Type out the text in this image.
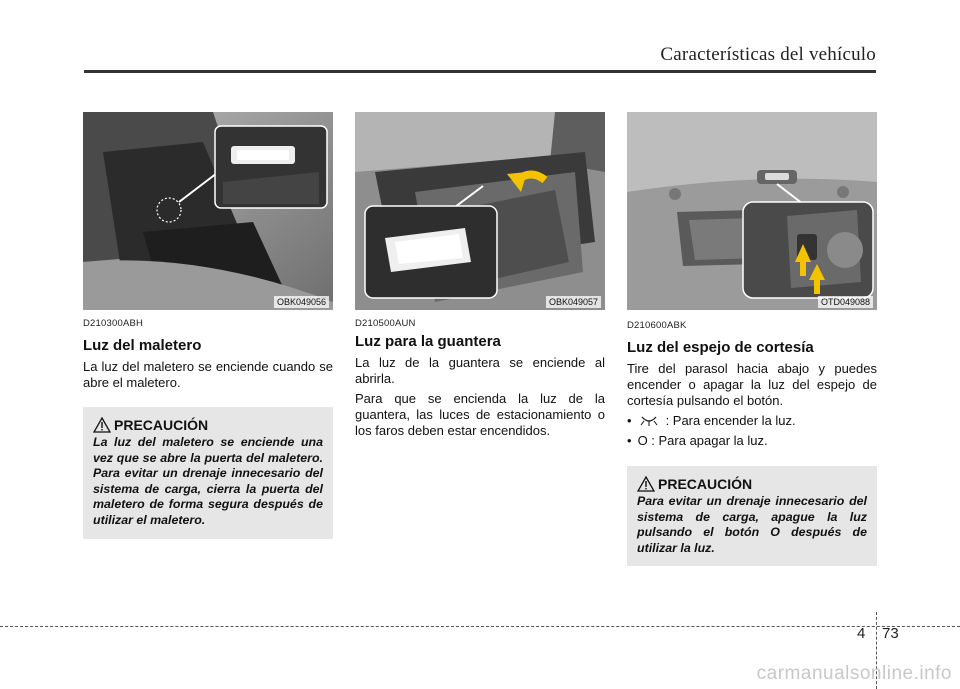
Características del vehículo
OBK049056
D210300ABH
Luz del maletero
La luz del maletero se enciende cuando se abre el maletero.
PRECAUCIÓN
La luz del maletero se enciende una vez que se abre la puerta del maletero. Para evitar un drenaje innecesario del sistema de carga, cierra la puerta del maletero de forma segura después de utilizar el maletero.
OBK049057
D210500AUN
Luz para la guantera
La luz de la guantera se enciende al abrirla.
Para que se encienda la luz de la guantera, las luces de estacionamiento o los faros deben estar encendidos.
OTD049088
D210600ABK
Luz del espejo de cortesía
Tire del parasol hacia abajo y puedes encender o apagar la luz del espejo de cortesía pulsando el botón.
•	: Para encender la luz.
• O : Para apagar la luz.
PRECAUCIÓN
Para evitar un drenaje innecesario del sistema de carga, apague la luz pulsando el botón O después de utilizar la luz.
4 73
carmanualsonline.info
